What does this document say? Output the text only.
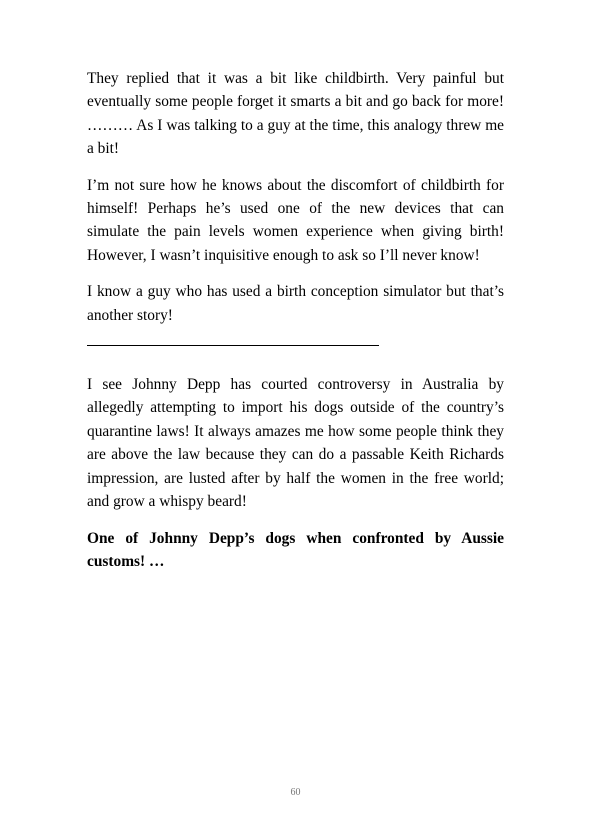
They replied that it was a bit like childbirth. Very painful but eventually some people forget it smarts a bit and go back for more! ……… As I was talking to a guy at the time, this analogy threw me a bit!

I’m not sure how he knows about the discomfort of childbirth for himself! Perhaps he’s used one of the new devices that can simulate the pain levels women experience when giving birth! However, I wasn’t inquisitive enough to ask so I’ll never know!

I know a guy who has used a birth conception simulator but that’s another story!

I see Johnny Depp has courted controversy in Australia by allegedly attempting to import his dogs outside of the country’s quarantine laws! It always amazes me how some people think they are above the law because they can do a passable Keith Richards impression, are lusted after by half the women in the free world; and grow a whispy beard!

One of Johnny Depp’s dogs when confronted by Aussie customs! …

60
